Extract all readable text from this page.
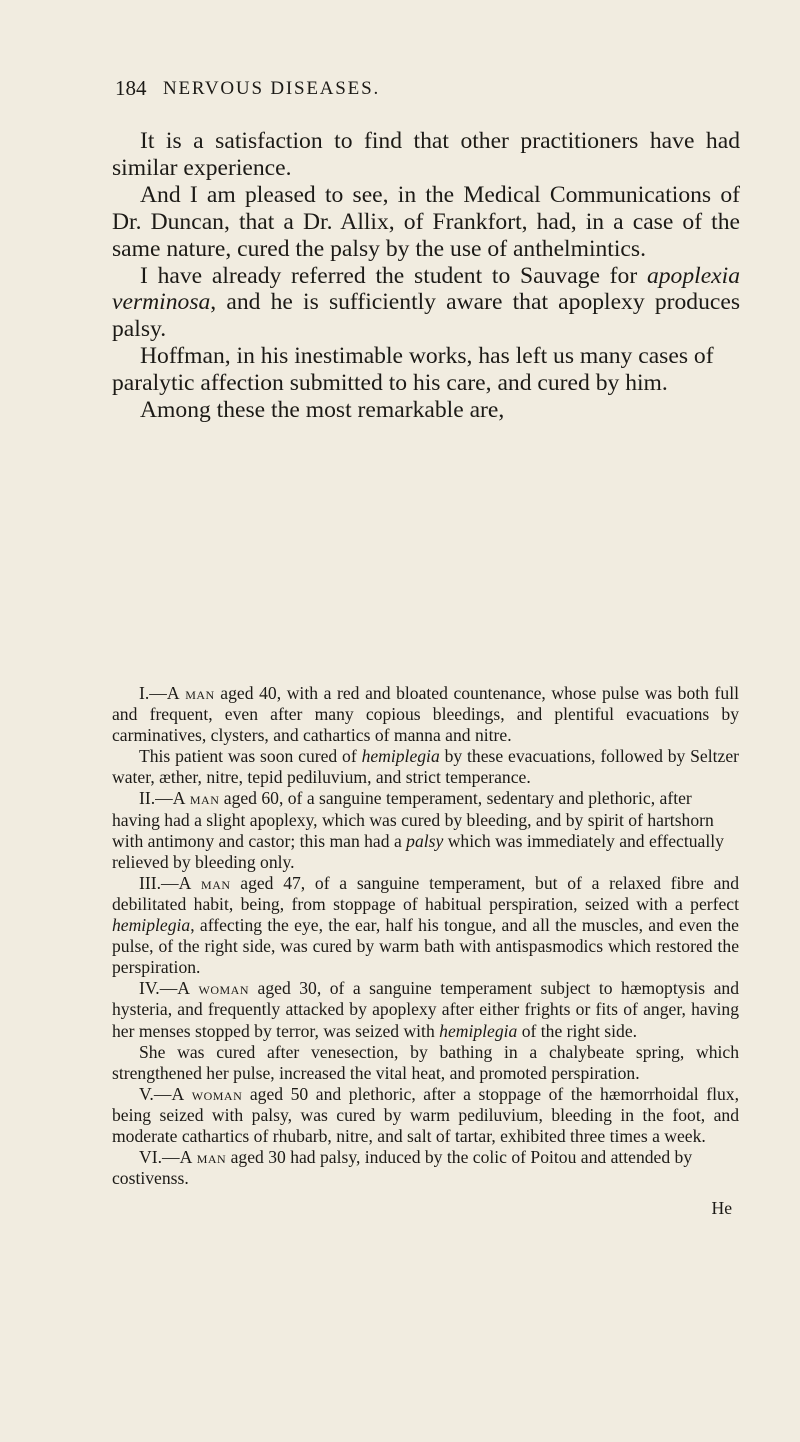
184 NERVOUS DISEASES.

It is a satisfaction to find that other practitioners have had similar experience.

And I am pleased to see, in the Medical Communications of Dr. Duncan, that a Dr. Allix, of Frankfort, had, in a case of the same nature, cured the palsy by the use of anthelmintics.

I have already referred the student to Sauvage for apoplexia verminosa, and he is sufficiently aware that apoplexy produces palsy.

Hoffman, in his inestimable works, has left us many cases of paralytic affection submitted to his care, and cured by him.

Among these the most remarkable are,

I.—A man aged 40, with a red and bloated countenance, whose pulse was both full and frequent, even after many copious bleedings, and plentiful evacuations by carminatives, clysters, and cathartics of manna and nitre.

This patient was soon cured of hemiplegia by these evacuations, followed by Seltzer water, æther, nitre, tepid pediluvium, and strict temperance.

II.—A man aged 60, of a sanguine temperament, sedentary and plethoric, after having had a slight apoplexy, which was cured by bleeding, and by spirit of hartshorn with antimony and castor; this man had a palsy which was immediately and effectually relieved by bleeding only.

III.—A man aged 47, of a sanguine temperament, but of a relaxed fibre and debilitated habit, being, from stoppage of habitual perspiration, seized with a perfect hemiplegia, affecting the eye, the ear, half his tongue, and all the muscles, and even the pulse, of the right side, was cured by warm bath with antispasmodics which restored the perspiration.

IV.—A woman aged 30, of a sanguine temperament subject to hæmoptysis and hysteria, and frequently attacked by apoplexy after either frights or fits of anger, having her menses stopped by terror, was seized with hemiplegia of the right side.

She was cured after venesection, by bathing in a chalybeate spring, which strengthened her pulse, increased the vital heat, and promoted perspiration.

V.—A woman aged 50 and plethoric, after a stoppage of the hæmorrhoidal flux, being seized with palsy, was cured by warm pediluvium, bleeding in the foot, and moderate cathartics of rhubarb, nitre, and salt of tartar, exhibited three times a week.

VI.—A man aged 30 had palsy, induced by the colic of Poitou and attended by costivenss.

He
